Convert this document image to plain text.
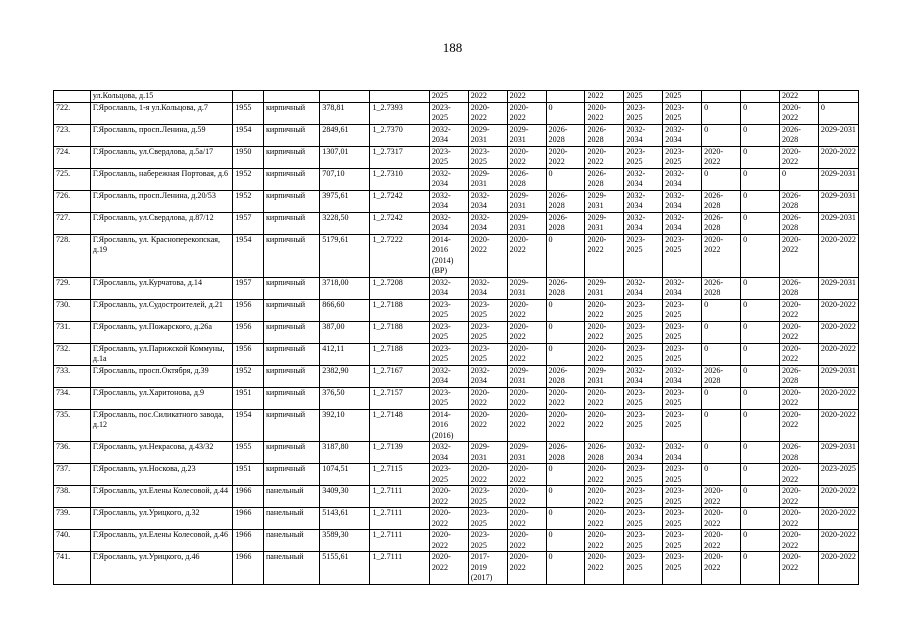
188
	ул.Кольцова, д.15					2025	2022	2022		2022	2025	2025			2022	
722.	Г.Ярославль, 1-я ул.Кольцова, д.7	1955	кирпичный	378,81	1_2.7393	2023-2025	2020-2022	2020-2022	0	2020-2022	2023-2025	2023-2025	0	0	2020-2022	0
723.	Г.Ярославль, просп.Ленина, д.59	1954	кирпичный	2849,61	1_2.7370	2032-2034	2029-2031	2029-2031	2026-2028	2026-2028	2032-2034	2032-2034	0	0	2026-2028	2029-2031
724.	Г.Ярославль, ул.Свердлова, д.5а/17	1950	кирпичный	1307,01	1_2.7317	2023-2025	2023-2025	2020-2022	2020-2022	2020-2022	2023-2025	2023-2025	2020-2022	0	2020-2022	2020-2022
725.	Г.Ярославль, набережная Портовая, д.6	1952	кирпичный	707,10	1_2.7310	2032-2034	2029-2031	2026-2028	0	2026-2028	2032-2034	2032-2034	0	0	0	2029-2031
726.	Г.Ярославль, просп.Ленина, д.20/53	1952	кирпичный	3975,61	1_2.7242	2032-2034	2032-2034	2029-2031	2026-2028	2029-2031	2032-2034	2032-2034	2026-2028	0	2026-2028	2029-2031
727.	Г.Ярославль, ул.Свердлова, д.87/12	1957	кирпичный	3228,50	1_2.7242	2032-2034	2032-2034	2029-2031	2026-2028	2029-2031	2032-2034	2032-2034	2026-2028	0	2026-2028	2029-2031
728.	Г.Ярославль, ул. Красноперекопская, д.19	1954	кирпичный	5179,61	1_2.7222	2014-2016 (2014) (ВР)	2020-2022	2020-2022	0	2020-2022	2023-2025	2023-2025	2020-2022	0	2020-2022	2020-2022
729.	Г.Ярославль, ул.Курчатова, д.14	1957	кирпичный	3718,00	1_2.7208	2032-2034	2032-2034	2029-2031	2026-2028	2029-2031	2032-2034	2032-2034	2026-2028	0	2026-2028	2029-2031
730.	Г.Ярославль, ул.Судостроителей, д.21	1956	кирпичный	866,60	1_2.7188	2023-2025	2023-2025	2020-2022	0	2020-2022	2023-2025	2023-2025	0	0	2020-2022	2020-2022
731.	Г.Ярославль, ул.Пожарского, д.26а	1956	кирпичный	387,00	1_2.7188	2023-2025	2023-2025	2020-2022	0	2020-2022	2023-2025	2023-2025	0	0	2020-2022	2020-2022
732.	Г.Ярославль, ул.Парижской Коммуны, д.1а	1956	кирпичный	412,11	1_2.7188	2023-2025	2023-2025	2020-2022	0	2020-2022	2023-2025	2023-2025	0	0	2020-2022	2020-2022
733.	Г.Ярославль, просп.Октября, д.39	1952	кирпичный	2382,90	1_2.7167	2032-2034	2032-2034	2029-2031	2026-2028	2029-2031	2032-2034	2032-2034	2026-2028	0	2026-2028	2029-2031
734.	Г.Ярославль, ул.Харитонова, д.9	1951	кирпичный	376,50	1_2.7157	2023-2025	2020-2022	2020-2022	2020-2022	2020-2022	2023-2025	2023-2025	0	0	2020-2022	2020-2022
735.	Г.Ярославль, пос.Силикатного завода, д.12	1954	кирпичный	392,10	1_2.7148	2014-2016 (2016)	2020-2022	2020-2022	2020-2022	2020-2022	2023-2025	2023-2025	0	0	2020-2022	2020-2022
736.	Г.Ярославль, ул.Некрасова, д.43/32	1955	кирпичный	3187,80	1_2.7139	2032-2034	2029-2031	2029-2031	2026-2028	2026-2028	2032-2034	2032-2034	0	0	2026-2028	2029-2031
737.	Г.Ярославль, ул.Носкова, д.23	1951	кирпичный	1074,51	1_2.7115	2023-2025	2020-2022	2020-2022	0	2020-2022	2023-2025	2023-2025	0	0	2020-2022	2023-2025
738.	Г.Ярославль, ул.Елены Колесовой, д.44	1966	панельный	3409,30	1_2.7111	2020-2022	2023-2025	2020-2022	0	2020-2022	2023-2025	2023-2025	2020-2022	0	2020-2022	2020-2022
739.	Г.Ярославль, ул.Урицкого, д.32	1966	панельный	5143,61	1_2.7111	2020-2022	2023-2025	2020-2022	0	2020-2022	2023-2025	2023-2025	2020-2022	0	2020-2022	2020-2022
740.	Г.Ярославль, ул.Елены Колесовой, д.46	1966	панельный	3589,30	1_2.7111	2020-2022	2023-2025	2020-2022	0	2020-2022	2023-2025	2023-2025	2020-2022	0	2020-2022	2020-2022
741.	Г.Ярославль, ул.Урицкого, д.46	1966	панельный	5155,61	1_2.7111	2020-2022	2017-2019 (2017)	2020-2022	0	2020-2022	2023-2025	2023-2025	2020-2022	0	2020-2022	2020-2022
